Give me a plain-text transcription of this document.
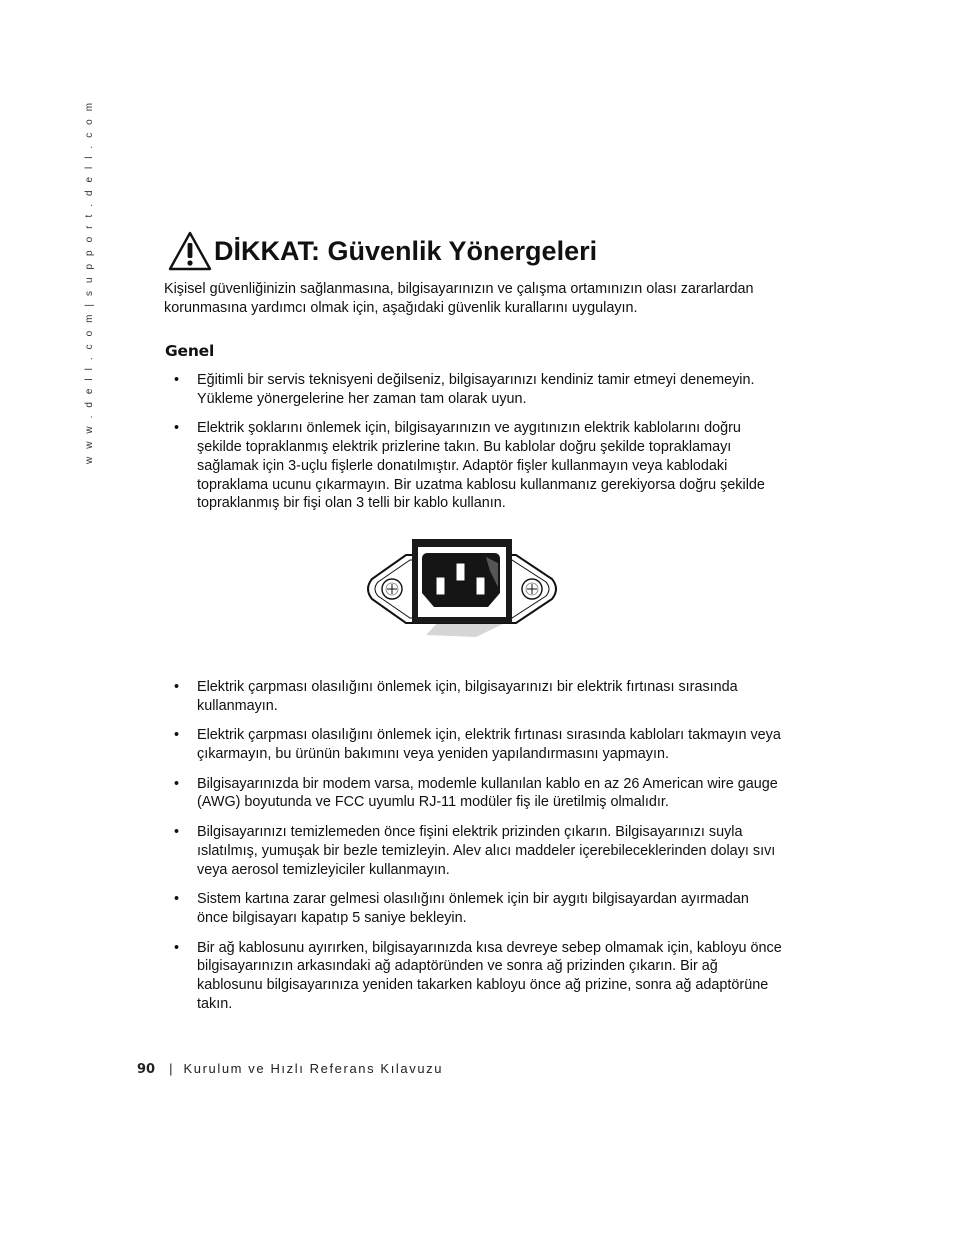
w w w . d e l l . c o m | s u p p o r t . d e l l . c o m	DİKKAT: Güvenlik Yönergeleri

Kişisel güvenliğinizin sağlanmasına, bilgisayarınızın ve çalışma ortamınızın olası zararlardan korunmasına yardımcı olmak için, aşağıdaki güvenlik kurallarını uygulayın.

Genel
• Eğitimli bir servis teknisyeni değilseniz, bilgisayarınızı kendiniz tamir etmeyi denemeyin. Yükleme yönergelerine her zaman tam olarak uyun.
• Elektrik şoklarını önlemek için, bilgisayarınızın ve aygıtınızın elektrik kablolarını doğru şekilde topraklanmış elektrik prizlerine takın. Bu kablolar doğru şekilde topraklamayı sağlamak için 3-uçlu fişlerle donatılmıştır. Adaptör fişler kullanmayın veya kablodaki topraklama ucunu çıkarmayın. Bir uzatma kablosu kullanmanız gerekiyorsa doğru şekilde topraklanmış bir fişi olan 3 telli bir kablo kullanın.
• Elektrik çarpması olasılığını önlemek için, bilgisayarınızı bir elektrik fırtınası sırasında kullanmayın.
• Elektrik çarpması olasılığını önlemek için, elektrik fırtınası sırasında kabloları takmayın veya çıkarmayın, bu ürünün bakımını veya yeniden yapılandırmasını yapmayın.
• Bilgisayarınızda bir modem varsa, modemle kullanılan kablo en az 26 American wire gauge (AWG) boyutunda ve FCC uyumlu RJ-11 modüler fiş ile üretilmiş olmalıdır.
• Bilgisayarınızı temizlemeden önce fişini elektrik prizinden çıkarın. Bilgisayarınızı suyla ıslatılmış, yumuşak bir bezle temizleyin. Alev alıcı maddeler içerebileceklerinden dolayı sıvı veya aerosol temizleyiciler kullanmayın.
• Sistem kartına zarar gelmesi olasılığını önlemek için bir aygıtı bilgisayardan ayırmadan önce bilgisayarı kapatıp 5 saniye bekleyin.
• Bir ağ kablosunu ayırırken, bilgisayarınızda kısa devreye sebep olmamak için, kabloyu önce bilgisayarınızın arkasındaki ağ adaptöründen ve sonra ağ prizinden çıkarın. Bir ağ kablosunu bilgisayarınıza yeniden takarken kabloyu önce ağ prizine, sonra ağ adaptörüne takın.
90 | Kurulum ve Hızlı Referans Kılavuzu
